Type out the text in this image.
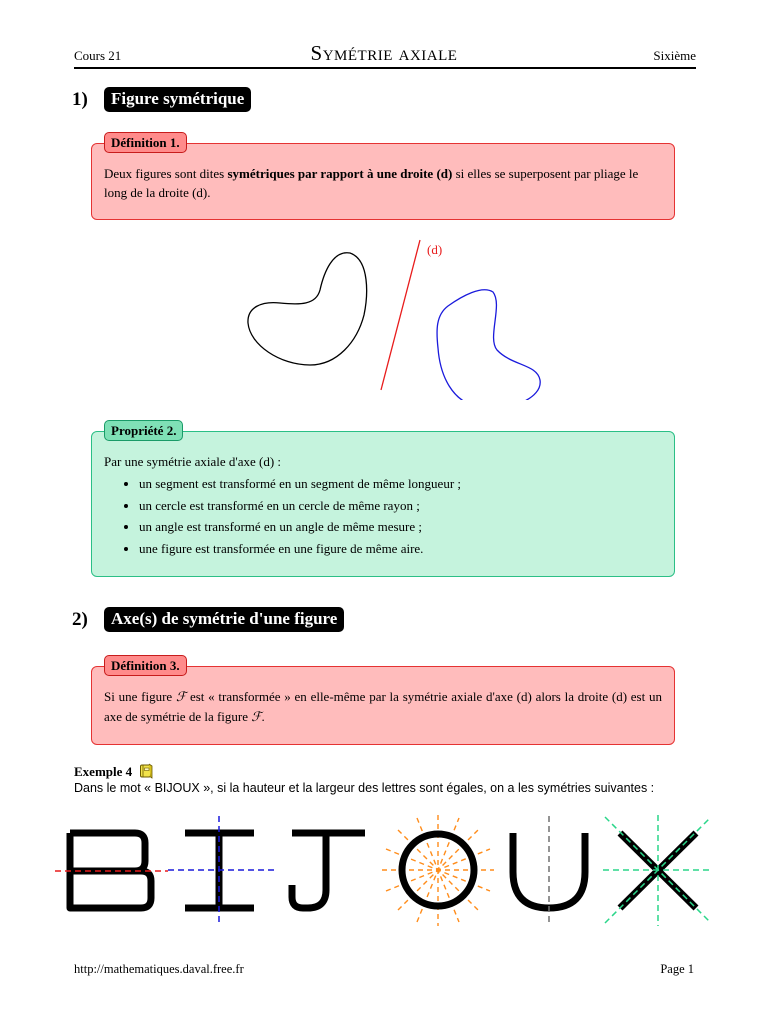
Cours 21	Symétrie axiale	Sixième
1)	Figure symétrique
Définition 1.
Deux figures sont dites symétriques par rapport à une droite (d) si elles se superposent par pliage le long de la droite (d).
(d)
Propriété 2.
Par une symétrie axiale d'axe (d) :
• un segment est transformé en un segment de même longueur ;
• un cercle est transformé en un cercle de même rayon ;
• un angle est transformé en un angle de même mesure ;
• une figure est transformée en une figure de même aire.
2)	Axe(s) de symétrie d'une figure
Définition 3.
Si une figure ℱ est « transformée » en elle-même par la symétrie axiale d'axe (d) alors la droite (d) est un axe de symétrie de la figure ℱ.
Exemple 4
Dans le mot « BIJOUX », si la hauteur et la largeur des lettres sont égales, on a les symétries suivantes :
http://mathematiques.daval.free.fr	Page 1
